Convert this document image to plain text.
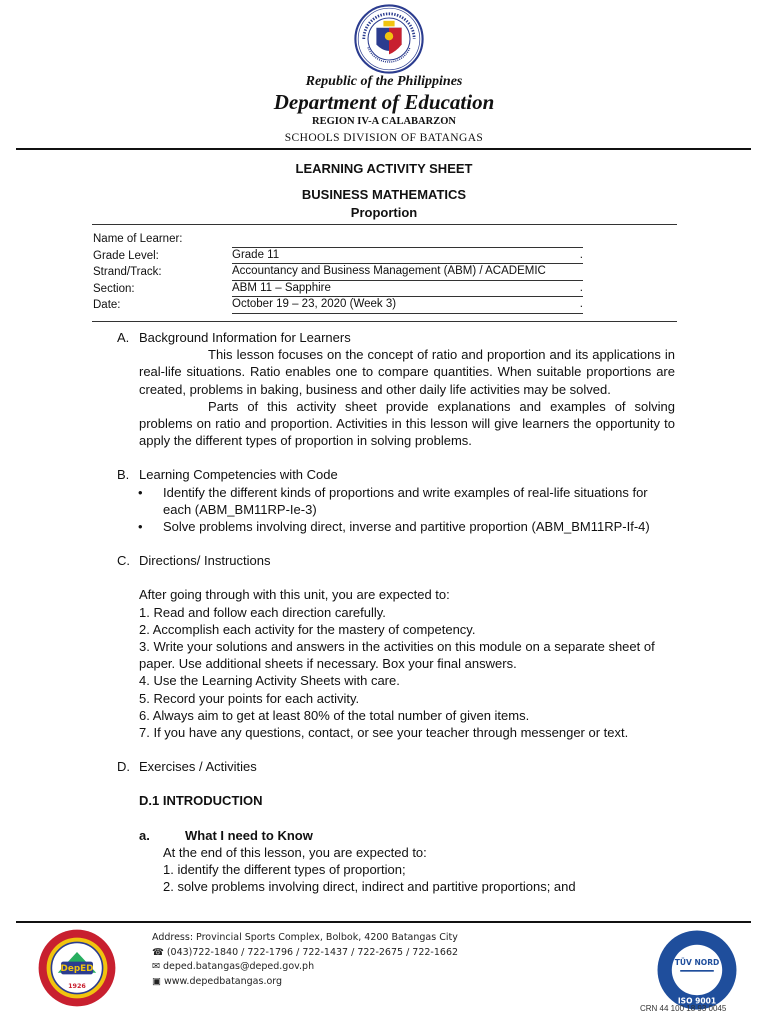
Republic of the Philippines
Department of Education
REGION IV-A CALABARZON
SCHOOLS DIVISION OF BATANGAS
LEARNING ACTIVITY SHEET
BUSINESS MATHEMATICS
Proportion
Name of Learner:
Grade Level:	Grade 11	.
Strand/Track:	Accountancy and Business Management (ABM) / ACADEMIC
Section:	ABM 11 – Sapphire	.
Date:	October 19 – 23, 2020 (Week 3)	.
A. Background Information for Learners
This lesson focuses on the concept of ratio and proportion and its applications in real-life situations. Ratio enables one to compare quantities. When suitable proportions are created, problems in baking, business and other daily life activities may be solved.
Parts of this activity sheet provide explanations and examples of solving problems on ratio and proportion. Activities in this lesson will give learners the opportunity to apply the different types of proportion in solving problems.
B. Learning Competencies with Code
• Identify the different kinds of proportions and write examples of real-life situations for each (ABM_BM11RP-Ie-3)
• Solve problems involving direct, inverse and partitive proportion (ABM_BM11RP-If-4)
C. Directions/ Instructions
After going through with this unit, you are expected to:
1. Read and follow each direction carefully.
2. Accomplish each activity for the mastery of competency.
3. Write your solutions and answers in the activities on this module on a separate sheet of paper. Use additional sheets if necessary. Box your final answers.
4. Use the Learning Activity Sheets with care.
5. Record your points for each activity.
6. Always aim to get at least 80% of the total number of given items.
7. If you have any questions, contact, or see your teacher through messenger or text.
D. Exercises / Activities
D.1 INTRODUCTION
a.	What I need to Know
At the end of this lesson, you are expected to:
1. identify the different types of proportion;
2. solve problems involving direct, indirect and partitive proportions; and
DepED
1926
Address: Provincial Sports Complex, Bolbok, 4200 Batangas City
☎ (043)722-1840 / 722-1796 / 722-1437 / 722-2675 / 722-1662
✉ deped.batangas@deped.gov.ph
▣ www.depedbatangas.org
TÜV NORD
ISO 9001
CRN 44 100 18 93 0045
